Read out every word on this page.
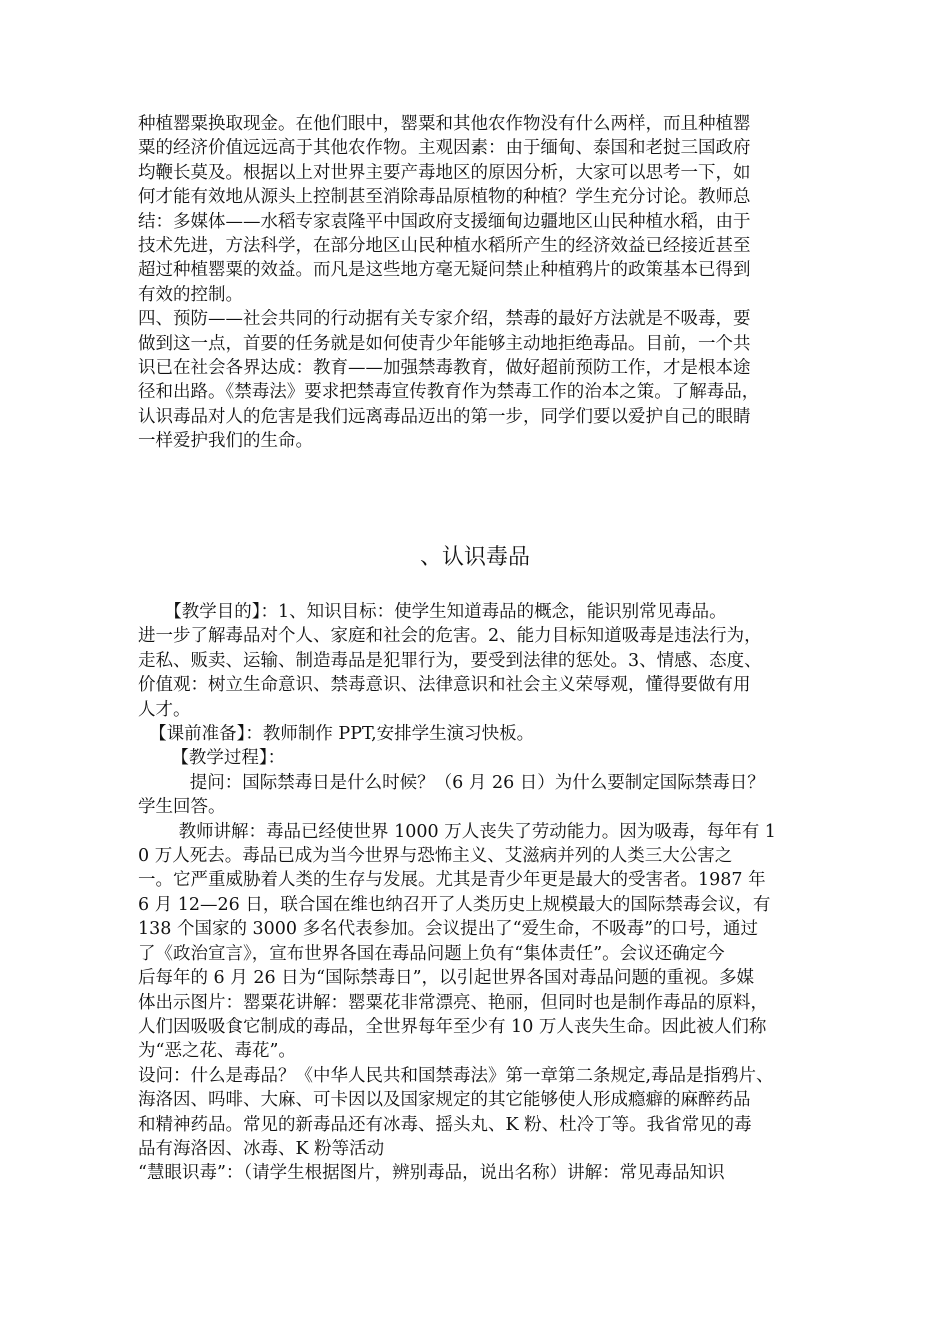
种植罂粟换取现金。在他们眼中，罂粟和其他农作物没有什么两样，而且种植罂
粟的经济价值远远高于其他农作物。主观因素：由于缅甸、泰国和老挝三国政府
均鞭长莫及。根据以上对世界主要产毒地区的原因分析，大家可以思考一下，如
何才能有效地从源头上控制甚至消除毒品原植物的种植？学生充分讨论。教师总
结：多媒体——水稻专家袁隆平中国政府支援缅甸边疆地区山民种植水稻，由于
技术先进，方法科学，在部分地区山民种植水稻所产生的经济效益已经接近甚至
超过种植罂粟的效益。而凡是这些地方毫无疑问禁止种植鸦片的政策基本已得到
有效的控制。
四、预防——社会共同的行动据有关专家介绍，禁毒的最好方法就是不吸毒，要
做到这一点，首要的任务就是如何使青少年能够主动地拒绝毒品。目前，一个共
识已在社会各界达成：教育——加强禁毒教育，做好超前预防工作，才是根本途
径和出路。《禁毒法》要求把禁毒宣传教育作为禁毒工作的治本之策。了解毒品，
认识毒品对人的危害是我们远离毒品迈出的第一步，同学们要以爱护自己的眼睛
一样爱护我们的生命。
、认识毒品
　　【教学目的】：1、知识目标：使学生知道毒品的概念，能识别常见毒品。
进一步了解毒品对个人、家庭和社会的危害。2、能力目标知道吸毒是违法行为，
走私、贩卖、运输、制造毒品是犯罪行为，要受到法律的惩处。3、情感、态度、
价值观：树立生命意识、禁毒意识、法律意识和社会主义荣辱观，懂得要做有用
人才。
【课前准备】：教师制作 PPT,安排学生演习快板。
【教学过程】：
　　   提问：国际禁毒日是什么时候？（6 月 26 日）为什么要制定国际禁毒日？
学生回答。
　　 教师讲解：毒品已经使世界 1000 万人丧失了劳动能力。因为吸毒，每年有 1
0 万人死去。毒品已成为当今世界与恐怖主义、艾滋病并列的人类三大公害之
一。它严重威胁着人类的生存与发展。尤其是青少年更是最大的受害者。1987 年
6 月 12—26 日，联合国在维也纳召开了人类历史上规模最大的国际禁毒会议，有
138 个国家的 3000 多名代表参加。会议提出了“爱生命，不吸毒”的口号，通过
了《政治宣言》，宣布世界各国在毒品问题上负有“集体责任”。会议还确定今
后每年的 6 月 26 日为“国际禁毒日”，以引起世界各国对毒品问题的重视。多媒
体出示图片：罂粟花讲解：罂粟花非常漂亮、艳丽，但同时也是制作毒品的原料，
人们因吸吸食它制成的毒品，全世界每年至少有 10 万人丧失生命。因此被人们称
为“恶之花、毒花”。
设问：什么是毒品？《中华人民共和国禁毒法》第一章第二条规定,毒品是指鸦片、
海洛因、吗啡、大麻、可卡因以及国家规定的其它能够使人形成瘾癖的麻醉药品
和精神药品。常见的新毒品还有冰毒、摇头丸、K 粉、杜冷丁等。我省常见的毒
品有海洛因、冰毒、K 粉等活动
“慧眼识毒”：（请学生根据图片，辨别毒品，说出名称）讲解：常见毒品知识
